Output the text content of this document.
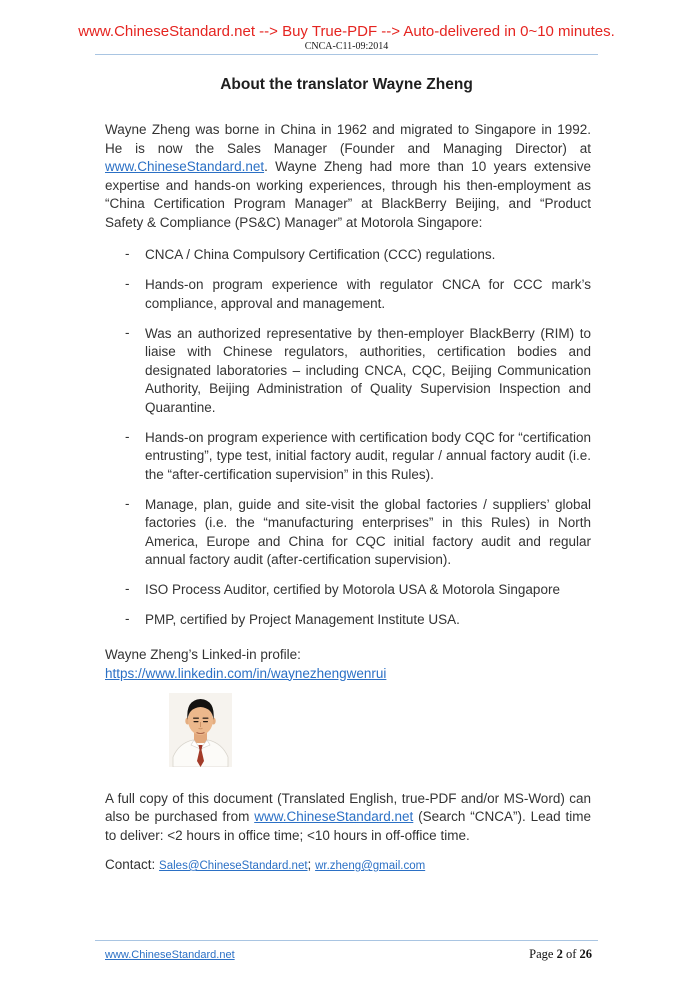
www.ChineseStandard.net --> Buy True-PDF --> Auto-delivered in 0~10 minutes.
CNCA-C11-09:2014
About the translator Wayne Zheng

Wayne Zheng was borne in China in 1962 and migrated to Singapore in 1992. He is now the Sales Manager (Founder and Managing Director) at www.ChineseStandard.net. Wayne Zheng had more than 10 years extensive expertise and hands-on working experiences, through his then-employment as “China Certification Program Manager” at BlackBerry Beijing, and “Product Safety & Compliance (PS&C) Manager” at Motorola Singapore:

-	CNCA / China Compulsory Certification (CCC) regulations.
-	Hands-on program experience with regulator CNCA for CCC mark’s compliance, approval and management.
-	Was an authorized representative by then-employer BlackBerry (RIM) to liaise with Chinese regulators, authorities, certification bodies and designated laboratories – including CNCA, CQC, Beijing Communication Authority, Beijing Administration of Quality Supervision Inspection and Quarantine.
-	Hands-on program experience with certification body CQC for “certification entrusting”, type test, initial factory audit, regular / annual factory audit (i.e. the “after-certification supervision” in this Rules).
-	Manage, plan, guide and site-visit the global factories / suppliers’ global factories (i.e. the “manufacturing enterprises” in this Rules) in North America, Europe and China for CQC initial factory audit and regular annual factory audit (after-certification supervision).
-	ISO Process Auditor, certified by Motorola USA & Motorola Singapore
-	PMP, certified by Project Management Institute USA.

Wayne Zheng’s Linked-in profile:

https://www.linkedin.com/in/waynezhengwenrui

A full copy of this document (Translated English, true-PDF and/or MS-Word) can also be purchased from www.ChineseStandard.net (Search “CNCA”). Lead time to deliver: <2 hours in office time; <10 hours in off-office time.

Contact: Sales@ChineseStandard.net; wr.zheng@gmail.com

www.ChineseStandard.net	Page 2 of 26
